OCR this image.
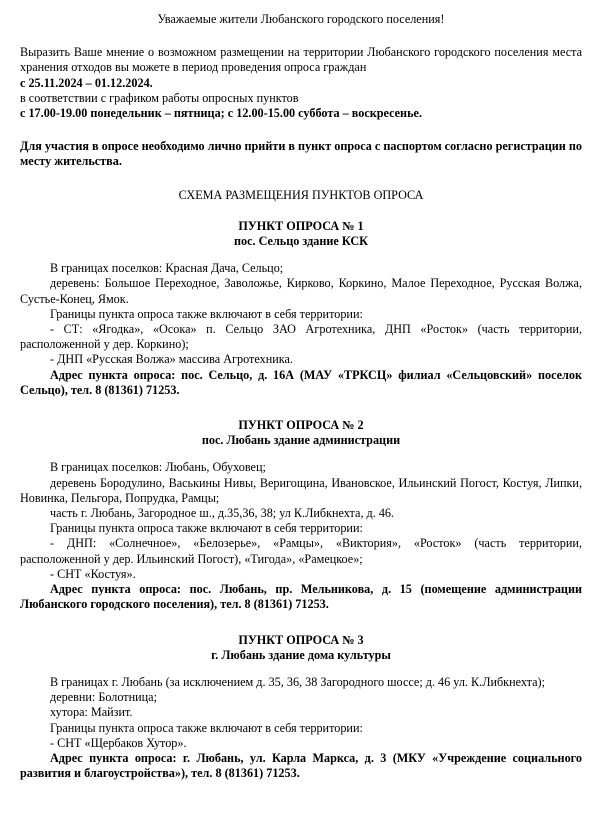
Уважаемые жители Любанского городского поселения!

Выразить Ваше мнение о возможном размещении на территории Любанского городского поселения места хранения отходов вы можете в период проведения опроса граждан

с 25.11.2024 – 01.12.2024.

в соответствии с графиком работы опросных пунктов

с 17.00-19.00 понедельник – пятница; с 12.00-15.00 суббота – воскресенье.

Для участия в опросе необходимо лично прийти в пункт опроса с паспортом согласно регистрации по месту жительства.

СХЕМА РАЗМЕЩЕНИЯ ПУНКТОВ ОПРОСА

ПУНКТ ОПРОСА № 1

пос. Сельцо здание КСК

В границах поселков: Красная Дача, Сельцо;

деревень: Большое Переходное, Заволожье, Кирково, Коркино, Малое Переходное, Русская Волжа, Сустье-Конец, Ямок.

Границы пункта опроса также включают в себя территории:

- СТ: «Ягодка», «Осока» п. Сельцо ЗАО Агротехника, ДНП «Росток» (часть территории, расположенной у дер. Коркино);

- ДНП «Русская Волжа» массива Агротехника.

Адрес пункта опроса: пос. Сельцо, д. 16А (МАУ «ТРКСЦ» филиал «Сельцовский» поселок Сельцо), тел. 8 (81361) 71253.

ПУНКТ ОПРОСА № 2

пос. Любань здание администрации

В границах поселков: Любань, Обуховец;

деревень Бородулино, Васькины Нивы, Веригощина, Ивановское, Ильинский Погост, Костуя, Липки, Новинка, Пельгора, Попрудка, Рамцы;

часть г. Любань, Загородное ш., д.35,36, 38; ул К.Либкнехта, д. 46.

Границы пункта опроса также включают в себя территории:

- ДНП: «Солнечное», «Белозерье», «Рамцы», «Виктория», «Росток» (часть территории, расположенной у дер. Ильинский Погост), «Тигода», «Рамецкое»;

- СНТ «Костуя».

Адрес пункта опроса: пос. Любань, пр. Мельникова, д. 15 (помещение администрации Любанского городского поселения), тел. 8 (81361) 71253.

ПУНКТ ОПРОСА № 3

г. Любань здание дома культуры

В границах г. Любань (за исключением д. 35, 36, 38 Загородного шоссе; д. 46 ул. К.Либкнехта);

деревни: Болотница;

хутора: Майзит.

Границы пункта опроса также включают в себя территории:

- СНТ «Щербаков Хутор».

Адрес пункта опроса: г. Любань, ул. Карла Маркса, д. 3 (МКУ «Учреждение социального развития и благоустройства»), тел. 8 (81361) 71253.
